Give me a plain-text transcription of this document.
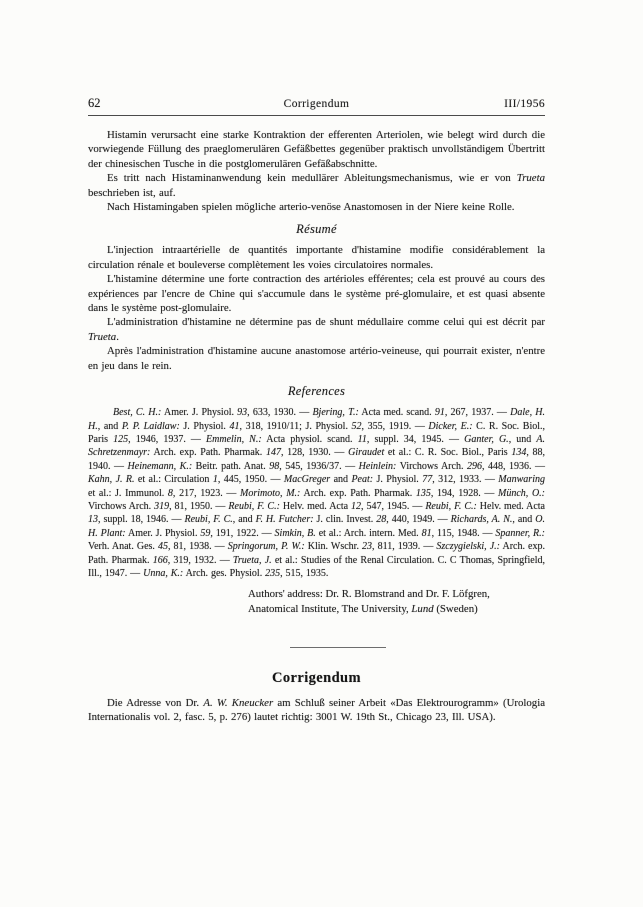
62	Corrigendum	III/1956

Histamin verursacht eine starke Kontraktion der efferenten Arteriolen, wie belegt wird durch die vorwiegende Füllung des praeglomerulären Gefäßbettes gegenüber praktisch unvollständigem Übertritt der chinesischen Tusche in die postglomerulären Gefäßabschnitte.

Es tritt nach Histaminanwendung kein medullärer Ableitungsmechanismus, wie er von Trueta beschrieben ist, auf.

Nach Histamingaben spielen mögliche arterio-venöse Anastomosen in der Niere keine Rolle.

Résumé

L'injection intraartérielle de quantités importante d'histamine modifie considérablement la circulation rénale et bouleverse complètement les voies circulatoires normales.

L'histamine détermine une forte contraction des artérioles efférentes; cela est prouvé au cours des expériences par l'encre de Chine qui s'accumule dans le système pré-glomulaire, et est quasi absente dans le système post-glomulaire.

L'administration d'histamine ne détermine pas de shunt médullaire comme celui qui est décrit par Trueta.

Après l'administration d'histamine aucune anastomose artério-veineuse, qui pourrait exister, n'entre en jeu dans le rein.

References

Best, C. H.: Amer. J. Physiol. 93, 633, 1930. — Bjering, T.: Acta med. scand. 91, 267, 1937. — Dale, H. H., and P. P. Laidlaw: J. Physiol. 41, 318, 1910/11; J. Physiol. 52, 355, 1919. — Dicker, E.: C. R. Soc. Biol., Paris 125, 1946, 1937. — Emmelin, N.: Acta physiol. scand. 11, suppl. 34, 1945. — Ganter, G., und A. Schretzenmayr: Arch. exp. Path. Pharmak. 147, 128, 1930. — Giraudet et al.: C. R. Soc. Biol., Paris 134, 88, 1940. — Heinemann, K.: Beitr. path. Anat. 98, 545, 1936/37. — Heinlein: Virchows Arch. 296, 448, 1936. — Kahn, J. R. et al.: Circulation 1, 445, 1950. — MacGreger and Peat: J. Physiol. 77, 312, 1933. — Manwaring et al.: J. Immunol. 8, 217, 1923. — Morimoto, M.: Arch. exp. Path. Pharmak. 135, 194, 1928. — Münch, O.: Virchows Arch. 319, 81, 1950. — Reubi, F. C.: Helv. med. Acta 12, 547, 1945. — Reubi, F. C.: Helv. med. Acta 13, suppl. 18, 1946. — Reubi, F. C., and F. H. Futcher: J. clin. Invest. 28, 440, 1949. — Richards, A. N., and O. H. Plant: Amer. J. Physiol. 59, 191, 1922. — Simkin, B. et al.: Arch. intern. Med. 81, 115, 1948. — Spanner, R.: Verh. Anat. Ges. 45, 81, 1938. — Springorum, P. W.: Klin. Wschr. 23, 811, 1939. — Szczygielski, J.: Arch. exp. Path. Pharmak. 166, 319, 1932. — Trueta, J. et al.: Studies of the Renal Circulation. C. C Thomas, Springfield, Ill., 1947. — Unna, K.: Arch. ges. Physiol. 235, 515, 1935.

Authors' address: Dr. R. Blomstrand and Dr. F. Löfgren,
Anatomical Institute, The University, Lund (Sweden)
Corrigendum

Die Adresse von Dr. A. W. Kneucker am Schluß seiner Arbeit «Das Elektrourogramm» (Urologia Internationalis vol. 2, fasc. 5, p. 276) lautet richtig: 3001 W. 19th St., Chicago 23, Ill. USA).
